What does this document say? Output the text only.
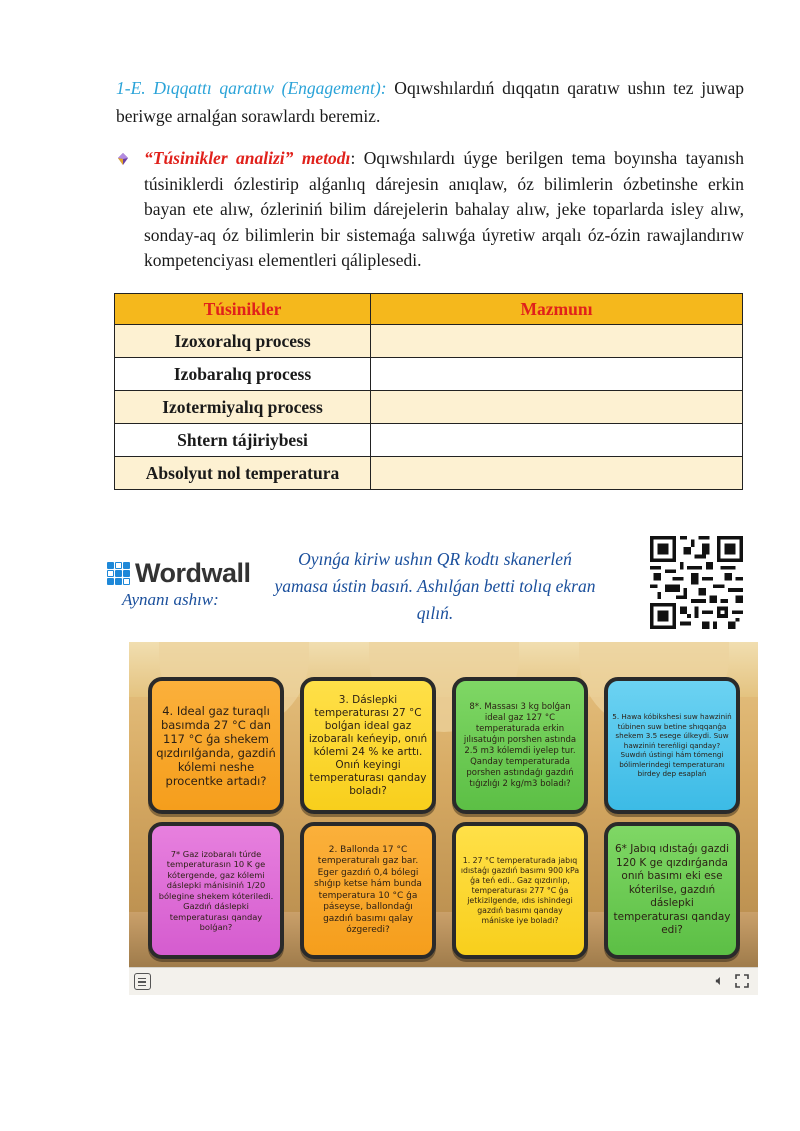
1-E. Dıqqattı qaratıw (Engagement): Oqıwshılardıń dıqqatın qaratıw ushın tez juwap beriwge arnalǵan sorawlardı beremiz.

“Túsinikler analizi” metodı: Oqıwshılardı úyge berilgen tema boyınsha tayanısh túsiniklerdi ózlestirip alǵanlıq dárejesin anıqlaw, óz bilimlerin ózbetinshe erkin bayan ete alıw, ózleriniń bilim dárejelerin bahalay alıw, jeke toparlarda isley alıw, sonday-aq óz bilimlerin bir sistemaǵa salıwǵa úyretiw arqalı óz-ózin rawajlandırıw kompetenciyası elementleri qáliplesedi.

Túsinikler	Mazmunı
Izoxoralıq process	
Izobaralıq process	
Izotermiyalıq process	
Shtern tájiriybesi	
Absolyut nol temperatura	
Wordwall
Aynanı ashıw:

Oyınǵa kiriw ushın QR kodtı skanerleń yamasa ústin basıń. Ashılǵan betti tolıq ekran qılıń.

4. Ideal gaz turaqlı basımda 27 °C dan 117 °C ǵa shekem qızdırılǵanda, gazdiń kólemi neshe procentke artadı?
3. Dáslepki temperaturası 27 °C bolǵan ideal gaz izobaralı keńeyip, onıń kólemi 24 % ke arttı. Onıń keyingi temperaturası qanday boladı?
8*. Massası 3 kg bolǵan ideal gaz 127 °C temperaturada erkin jılısatuǵın porshen astında 2.5 m3 kólemdi iyelep tur. Qanday temperaturada porshen astındaǵı gazdıń tıǵızlıǵı 2 kg/m3 boladı?
5. Hawa kóbikshesi suw hawziniń túbinen suw betine shıqqanǵa shekem 3.5 esege úlkeydi. Suw hawziniń tereńligi qanday? Suwdıń ústingi hám tómengi bólimlerindegi temperaturanı birdey dep esaplań
7* Gaz izobaralı túrde temperaturasın 10 K ge kótergende, gaz kólemi dáslepki mánisiniń 1/20 bólegine shekem kóteriledi. Gazdıń dáslepki temperaturası qanday bolǵan?
2. Ballonda 17 °C temperaturalı gaz bar. Eger gazdıń 0,4 bólegi shıǵıp ketse hám bunda temperatura 10 °C ǵa páseyse, ballondaǵı gazdıń basımı qalay ózgeredi?
1. 27 °C temperaturada jabıq ıdıstaǵı gazdıń basımı 900 kPa ǵa teń edi.. Gaz qızdırılıp, temperaturası 277 °C ǵa jetkizilgende, ıdıs ishindegi gazdıń basımı qanday mániske iye boladı?
6* Jabıq ıdıstaǵı gazdi 120 K ge qızdırǵanda onıń basımı eki ese kóterilse, gazdıń dáslepki temperaturası qanday edi?
🔈︎
